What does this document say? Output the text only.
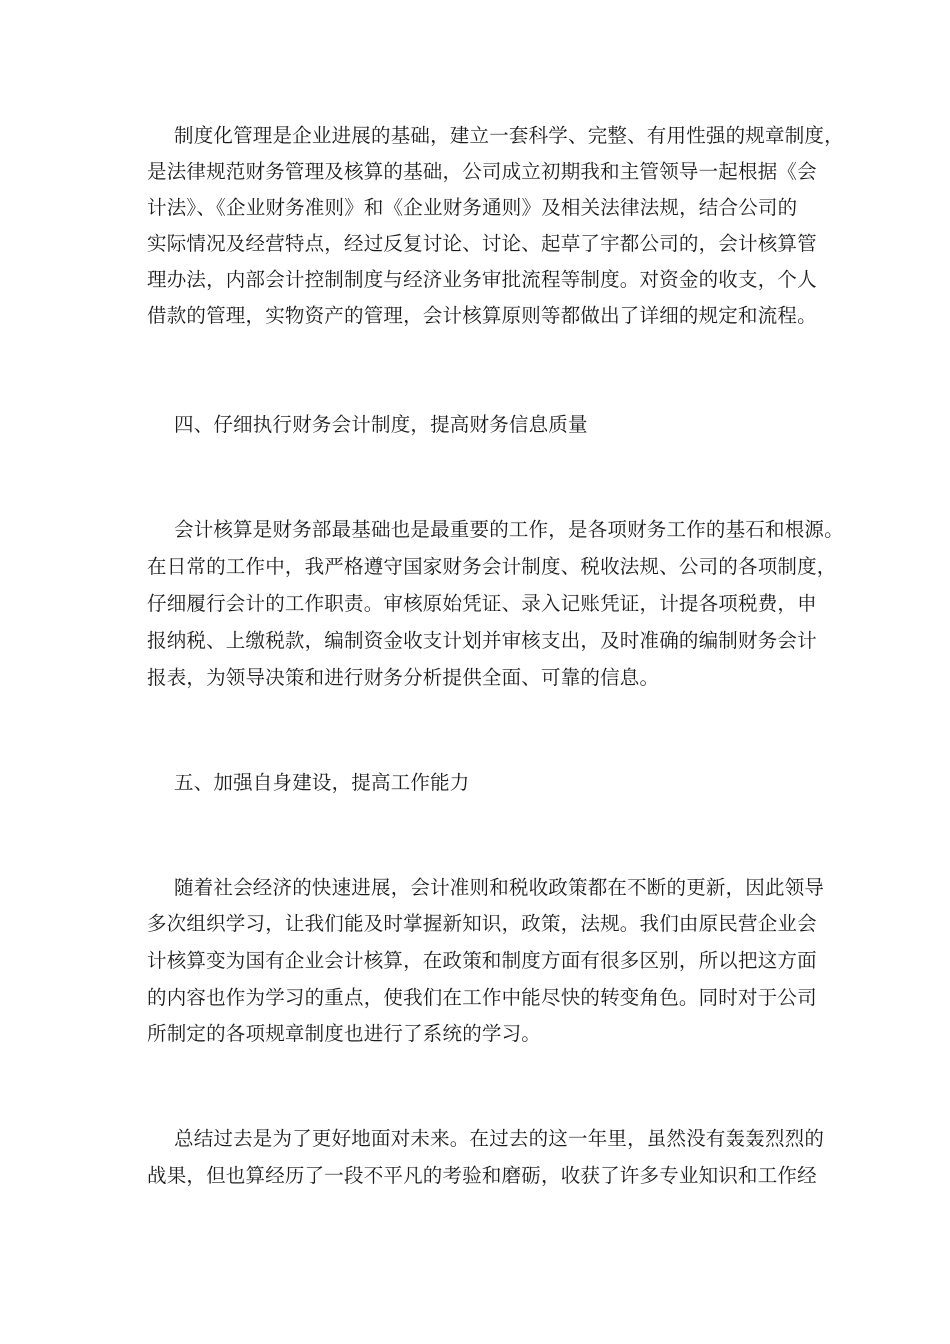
制度化管理是企业进展的基础，建立一套科学、完整、有用性强的规章制度，
是法律规范财务管理及核算的基础，公司成立初期我和主管领导一起根据《会
计法》、《企业财务准则》和《企业财务通则》及相关法律法规，结合公司的
实际情况及经营特点，经过反复讨论、讨论、起草了宇都公司的，会计核算管
理办法，内部会计控制制度与经济业务审批流程等制度。对资金的收支，个人
借款的管理，实物资产的管理，会计核算原则等都做出了详细的规定和流程。
四、仔细执行财务会计制度，提高财务信息质量
会计核算是财务部最基础也是最重要的工作，是各项财务工作的基石和根源。
在日常的工作中，我严格遵守国家财务会计制度、税收法规、公司的各项制度，
仔细履行会计的工作职责。审核原始凭证、录入记账凭证，计提各项税费，申
报纳税、上缴税款，编制资金收支计划并审核支出，及时准确的编制财务会计
报表，为领导决策和进行财务分析提供全面、可靠的信息。
五、加强自身建设，提高工作能力
随着社会经济的快速进展，会计准则和税收政策都在不断的更新，因此领导
多次组织学习，让我们能及时掌握新知识，政策，法规。我们由原民营企业会
计核算变为国有企业会计核算，在政策和制度方面有很多区别，所以把这方面
的内容也作为学习的重点，使我们在工作中能尽快的转变角色。同时对于公司
所制定的各项规章制度也进行了系统的学习。
总结过去是为了更好地面对未来。在过去的这一年里，虽然没有轰轰烈烈的
战果，但也算经历了一段不平凡的考验和磨砺，收获了许多专业知识和工作经
